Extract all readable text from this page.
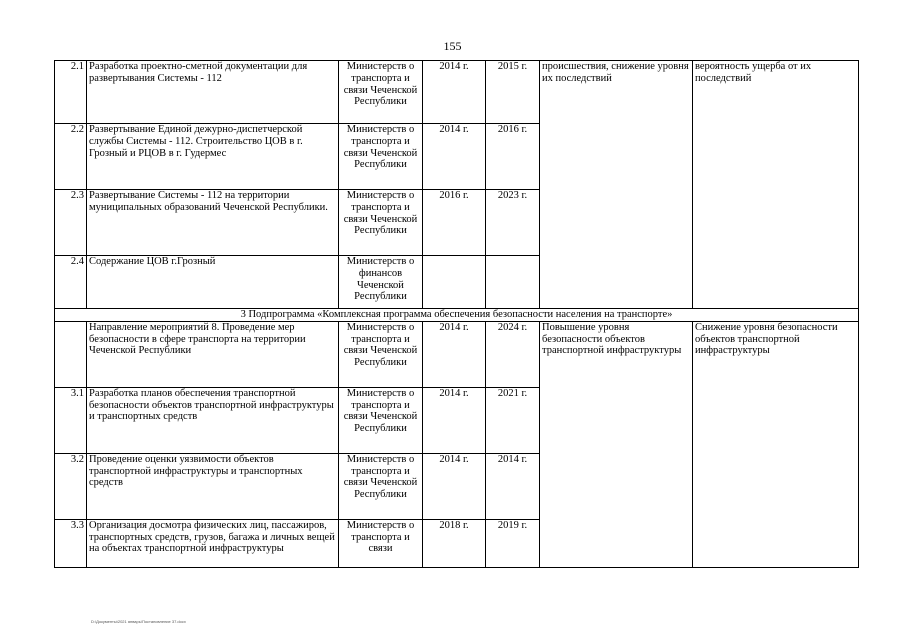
155
2.1	Разработка проектно-сметной документации для развертывания Системы - 112	Министерств о транспорта и связи Чеченской Республики	2014 г.	2015 г.	происшествия, снижение уровня их последствий	вероятность ущерба от их последствий
2.2	Развертывание Единой дежурно-диспетчерской службы Системы - 112. Строительство ЦОВ в г. Грозный и РЦОВ в г. Гудермес	Министерств о транспорта и связи Чеченской Республики	2014 г.	2016 г.		
2.3	Развертывание Системы - 112 на территории муниципальных образований Чеченской Республики.	Министерств о транспорта и связи Чеченской Республики	2016 г.	2023 г.		
2.4	Содержание ЦОВ г.Грозный	Министерств о финансов Чеченской Республики				
3 Подпрограмма «Комплексная программа обеспечения безопасности населения на транспорте»						
	Направление мероприятий 8. Проведение мер безопасности в сфере транспорта на территории Чеченской Республики	Министерств о транспорта и связи Чеченской Республики	2014 г.	2024 г.	Повышение уровня безопасности объектов транспортной инфраструктуры	Снижение уровня безопасности объектов транспортной инфраструктуры
3.1	Разработка планов обеспечения транспортной безопасности объектов транспортной инфраструктуры и транспортных средств	Министерств о транспорта и связи Чеченской Республики	2014 г.	2021 г.		
3.2	Проведение оценки уязвимости объектов транспортной инфраструктуры и транспортных средств	Министерств о транспорта и связи Чеченской Республики	2014 г.	2014 г.		
3.3	Организация досмотра физических лиц, пассажиров, транспортных средств, грузов, багажа и личных вещей на объектах транспортной инфраструктуры	Министерств о транспорта и связи	2018 г.	2019 г.		
D:\Документы\2021 январь\Постановление 37.docx
